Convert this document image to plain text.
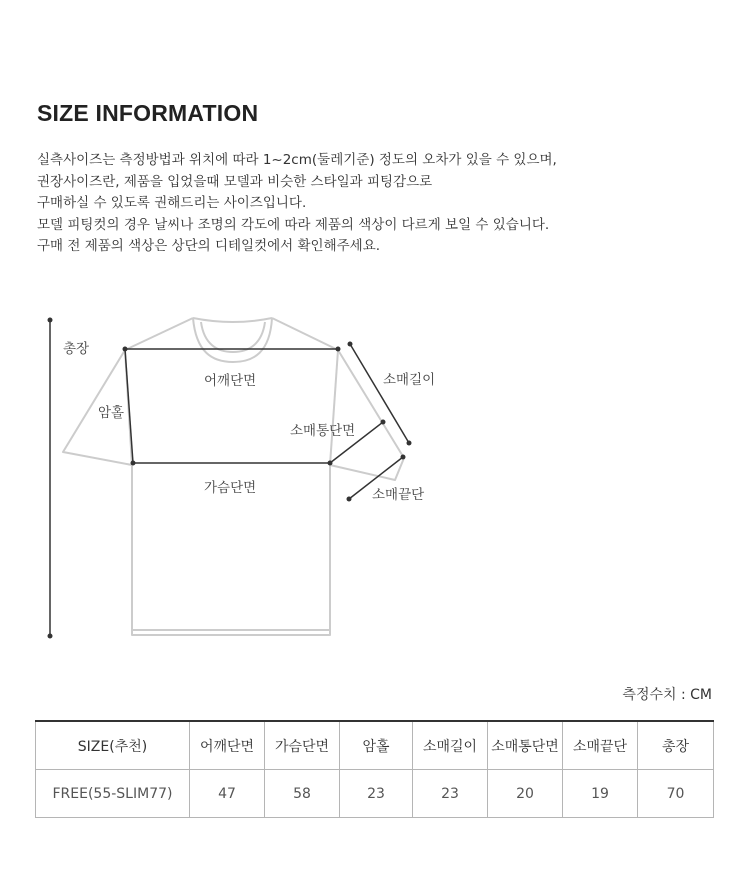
SIZE INFORMATION

실측사이즈는 측정방법과 위치에 따라 1~2cm(둘레기준) 정도의 오차가 있을 수 있으며,

권장사이즈란, 제품을 입었을때 모델과 비슷한 스타일과 피팅감으로

구매하실 수 있도록 권해드리는 사이즈입니다.

모델 피팅컷의 경우 날씨나 조명의 각도에 따라 제품의 색상이 다르게 보일 수 있습니다.

구매 전 제품의 색상은 상단의 디테일컷에서 확인해주세요.

총장
암홀
어깨단면	소매길이
소매통단면
가슴단면	소매끝단
측정수치 : CM
SIZE(추천)	어깨단면	가슴단면	암홀	소매길이	소매통단면	소매끝단	총장
FREE(55-SLIM77)	47	58	23	23	20	19	70
